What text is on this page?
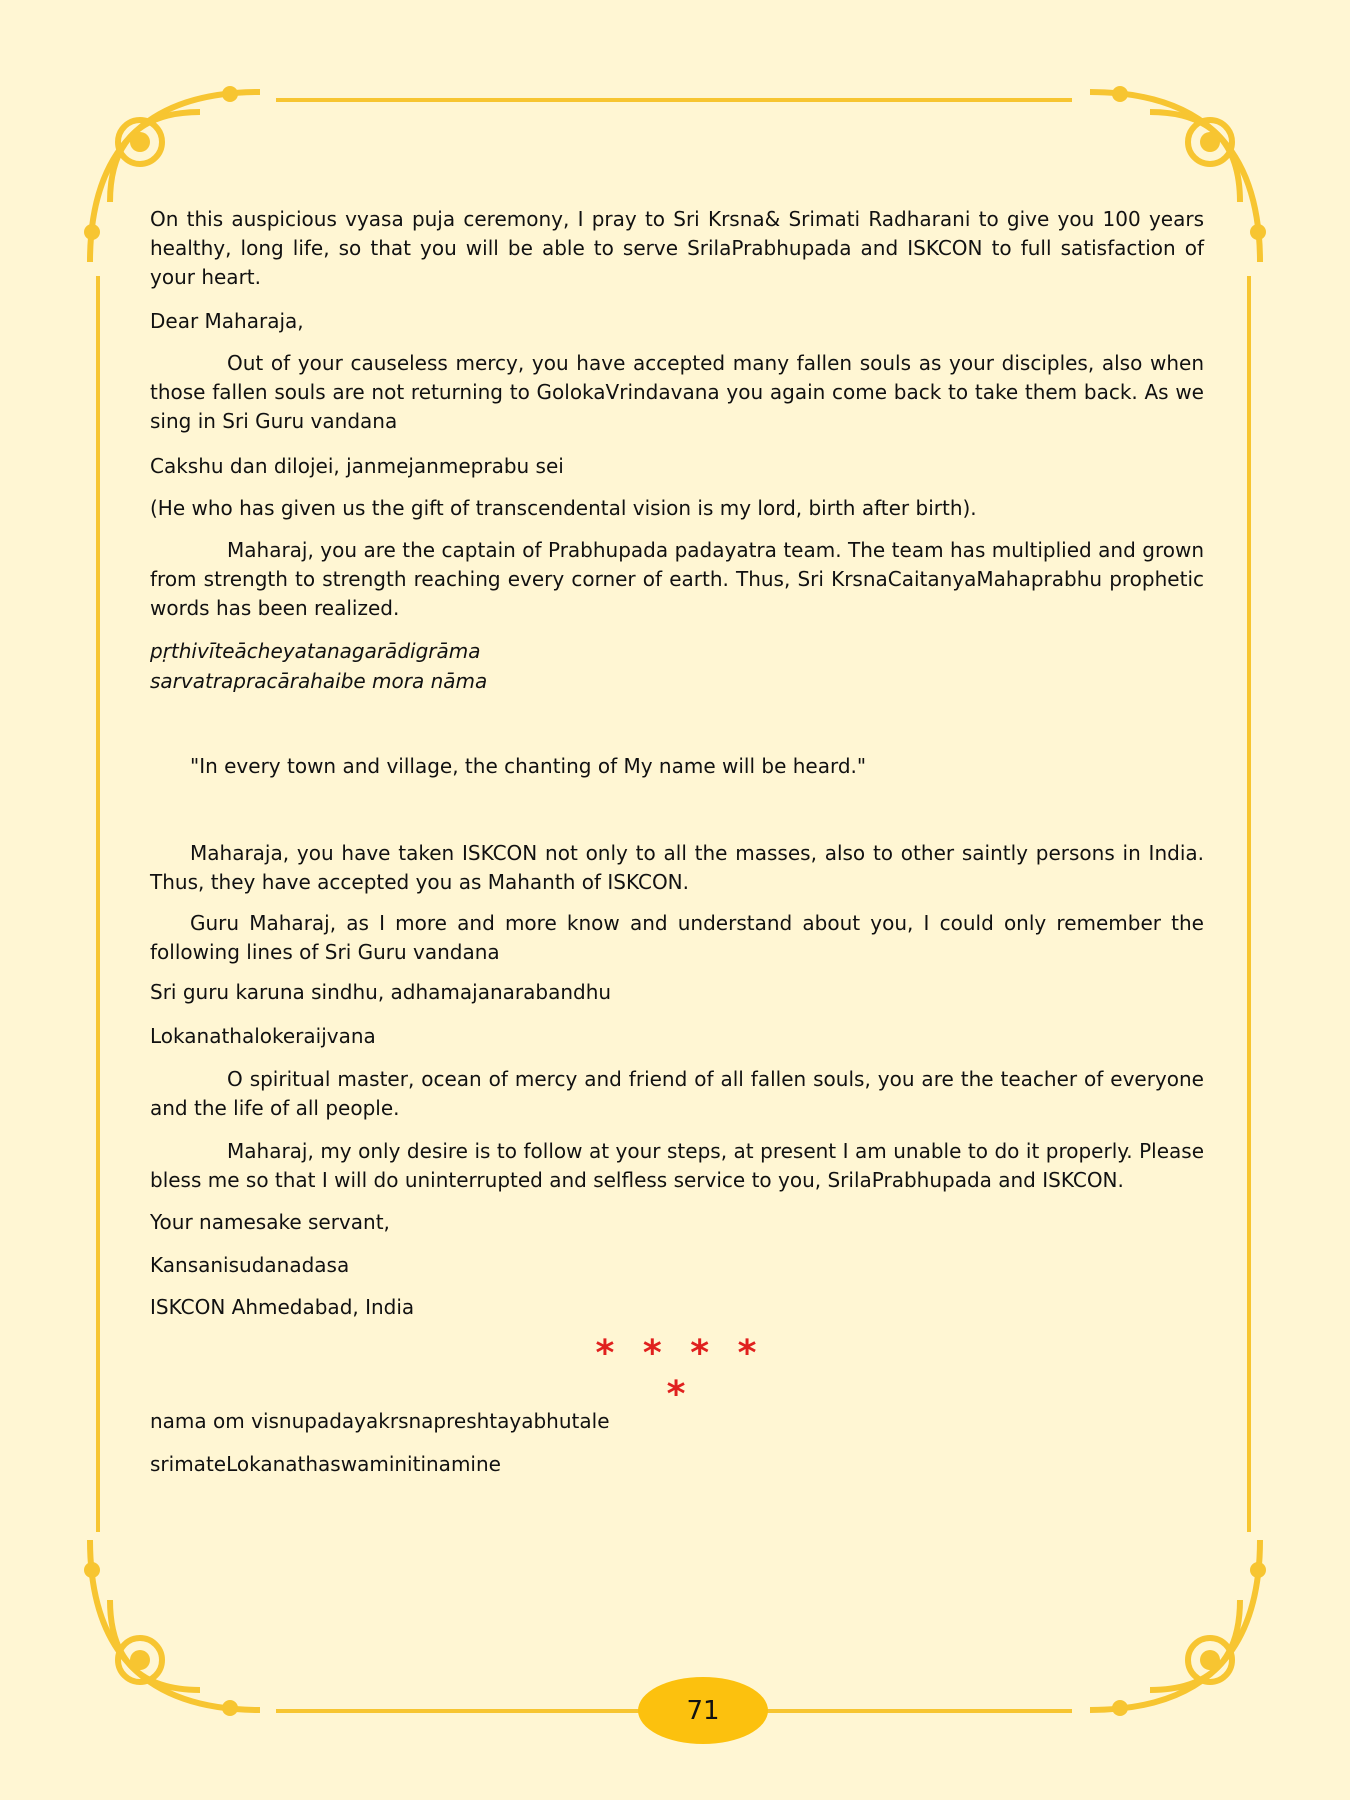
On this auspicious vyasa puja ceremony, I pray to Sri Krsna& Srimati Radharani to give you 100 years healthy, long life, so that you will be able to serve SrilaPrabhupada and ISKCON to full satisfaction of your heart.

Dear Maharaja,

Out of your causeless mercy, you have accepted many fallen souls as your disciples, also when those fallen souls are not returning to GolokaVrindavana you again come back to take them back. As we sing in Sri Guru vandana

Cakshu dan dilojei, janmejanmeprabu sei

(He who has given us the gift of transcendental vision is my lord, birth after birth).

Maharaj, you are the captain of Prabhupada padayatra team. The team has multiplied and grown from strength to strength reaching every corner of earth. Thus, Sri KrsnaCaitanyaMahaprabhu prophetic words has been realized.

pṛthivīteācheyatanagarādigrāma

sarvatrapracārahaibe mora nāma

"In every town and village, the chanting of My name will be heard."

Maharaja, you have taken ISKCON not only to all the masses, also to other saintly persons in India. Thus, they have accepted you as Mahanth of ISKCON.

Guru Maharaj, as I more and more know and understand about you, I could only remember the following lines of Sri Guru vandana

Sri guru karuna sindhu, adhamajanarabandhu

Lokanathalokeraijvana

O spiritual master, ocean of mercy and friend of all fallen souls, you are the teacher of everyone and the life of all people.

Maharaj, my only desire is to follow at your steps, at present I am unable to do it properly. Please bless me so that I will do uninterrupted and selfless service to you, SrilaPrabhupada and ISKCON.

Your namesake servant,

Kansanisudanadasa

ISKCON Ahmedabad, India

* * * * *

nama om visnupadayakrsnapreshtayabhutale

srimateLokanathaswaminitinamine

71
